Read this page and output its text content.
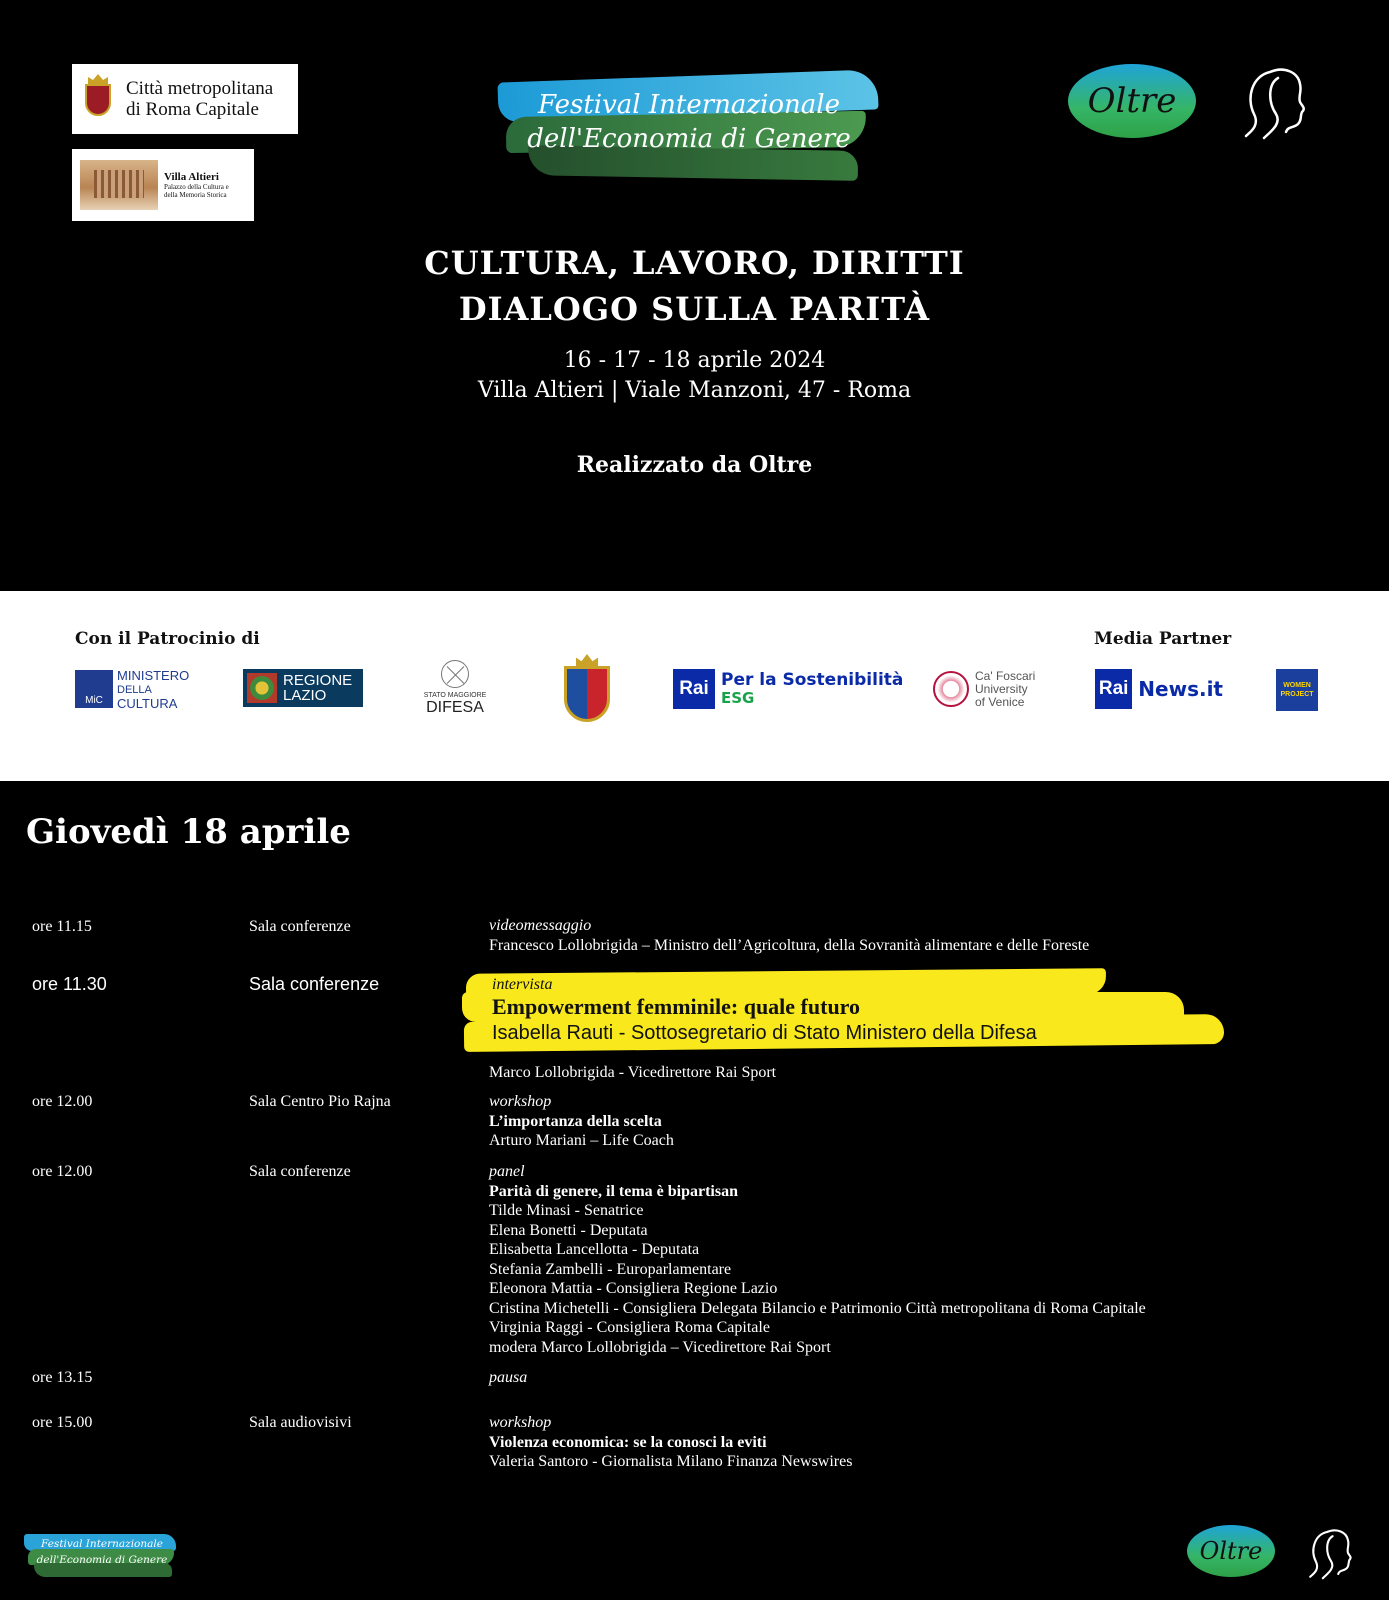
Città metropolitana
di Roma Capitale
Villa Altieri
Palazzo della Cultura e
della Memoria Storica
Festival Internazionale
dell'Economia di Genere
Oltre
CULTURA, LAVORO, DIRITTI
DIALOGO SULLA PARITÀ
16 - 17 - 18 aprile 2024
Villa Altieri | Viale Manzoni, 47 - Roma
Realizzato da Oltre
Con il Patrocinio di	Media Partner
MiC
MINISTERO
DELLA
CULTURA
REGIONE
LAZIO	STATO MAGGIORE
DIFESA
Rai Per la Sostenibilità
ESG
Ca' Foscari
University
of Venice
Rai News.it	WOMEN
PROJECT
Giovedì 18 aprile
ore 11.15	Sala conferenze	videomessaggio
Francesco Lollobrigida – Ministro dell’Agricoltura, della Sovranità alimentare e delle Foreste
ore 11.30	Sala conferenze	intervista
Empowerment femminile: quale futuro
Isabella Rauti - Sottosegretario di Stato Ministero della Difesa
Marco Lollobrigida - Vicedirettore Rai Sport
ore 12.00	Sala Centro Pio Rajna	workshop
L’importanza della scelta
Arturo Mariani – Life Coach
ore 12.00	Sala conferenze	panel
Parità di genere, il tema è bipartisan
Tilde Minasi - Senatrice
Elena Bonetti - Deputata
Elisabetta Lancellotta - Deputata
Stefania Zambelli - Europarlamentare
Eleonora Mattia - Consigliera Regione Lazio
Cristina Michetelli - Consigliera Delegata Bilancio e Patrimonio Città metropolitana di Roma Capitale
Virginia Raggi - Consigliera Roma Capitale
modera Marco Lollobrigida – Vicedirettore Rai Sport
ore 13.15	pausa
ore 15.00	Sala audiovisivi	workshop
Violenza economica: se la conosci la eviti
Valeria Santoro - Giornalista Milano Finanza Newswires
Festival Internazionale
dell'Economia di Genere	Oltre
